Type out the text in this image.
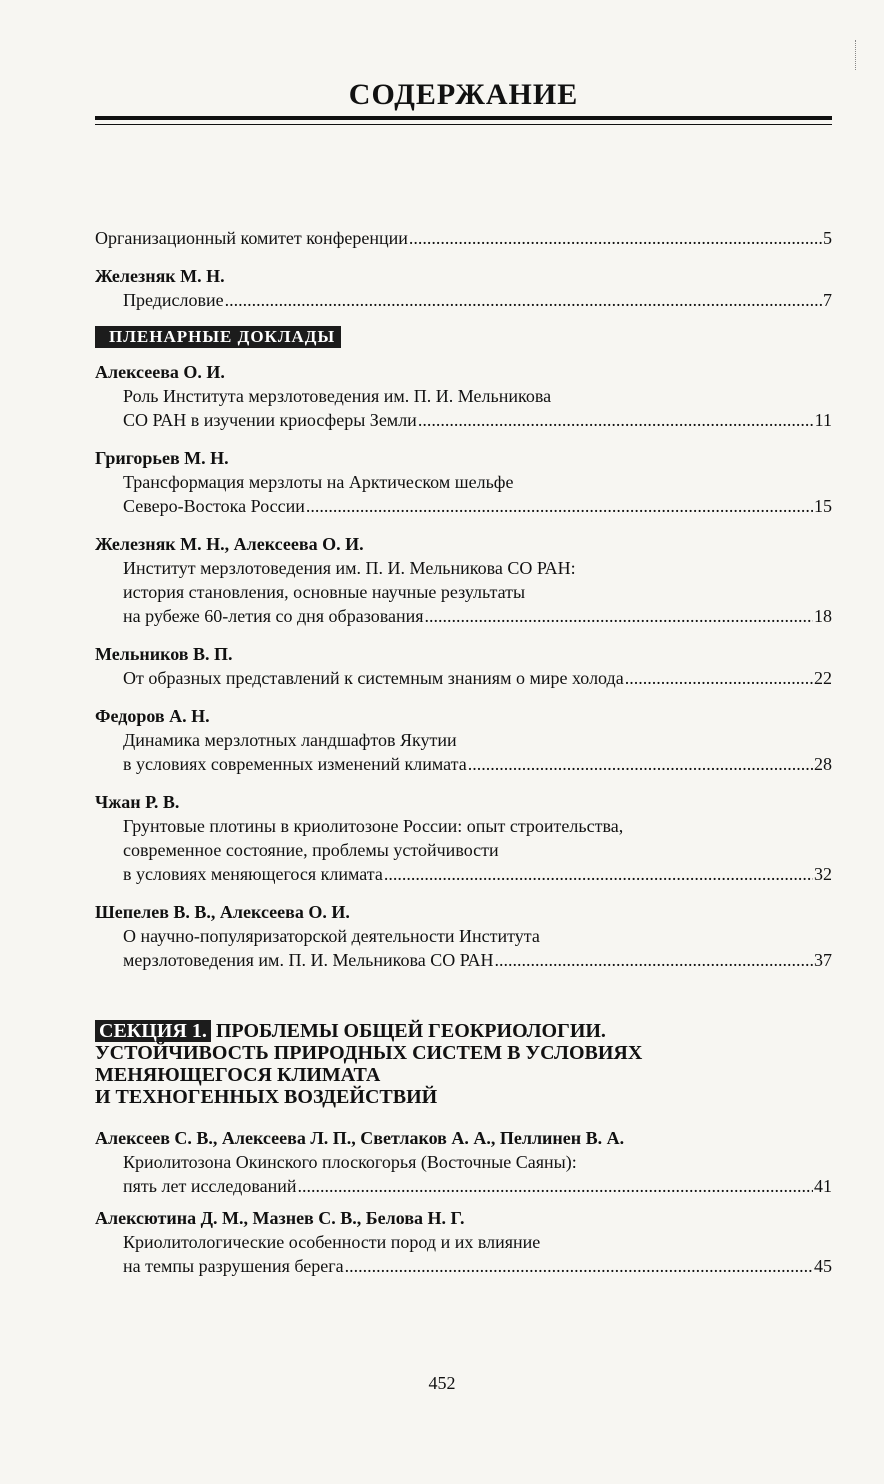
СОДЕРЖАНИЕ
Организационный комитет конференции .....	5
Железняк М. Н.
Предисловие .....	7
ПЛЕНАРНЫЕ ДОКЛАДЫ
Алексеева О. И.
Роль Института мерзлотоведения им. П. И. Мельникова
СО РАН в изучении криосферы Земли .....	11
Григорьев М. Н.
Трансформация мерзлоты на Арктическом шельфе
Северо-Востока России .....	15
Железняк М. Н., Алексеева О. И.
Институт мерзлотоведения им. П. И. Мельникова СО РАН:
история становления, основные научные результаты
на рубеже 60-летия со дня образования .....	18
Мельников В. П.
От образных представлений к системным знаниям о мире холода .....	22
Федоров А. Н.
Динамика мерзлотных ландшафтов Якутии
в условиях современных изменений климата .....	28
Чжан Р. В.
Грунтовые плотины в криолитозоне России: опыт строительства,
современное состояние, проблемы устойчивости
в условиях меняющегося климата .....	32
Шепелев В. В., Алексеева О. И.
О научно-популяризаторской деятельности Института
мерзлотоведения им. П. И. Мельникова СО РАН .....	37
СЕКЦИЯ 1. ПРОБЛЕМЫ ОБЩЕЙ ГЕОКРИОЛОГИИ.
УСТОЙЧИВОСТЬ ПРИРОДНЫХ СИСТЕМ В УСЛОВИЯХ
МЕНЯЮЩЕГОСЯ КЛИМАТА
И ТЕХНОГЕННЫХ ВОЗДЕЙСТВИЙ
Алексеев С. В., Алексеева Л. П., Светлаков А. А., Пеллинен В. А.
Криолитозона Окинского плоскогорья (Восточные Саяны):
пять лет исследований .....	41
Алексютина Д. М., Мазнев С. В., Белова Н. Г.
Криолитологические особенности пород и их влияние
на темпы разрушения берега .....	45
452
